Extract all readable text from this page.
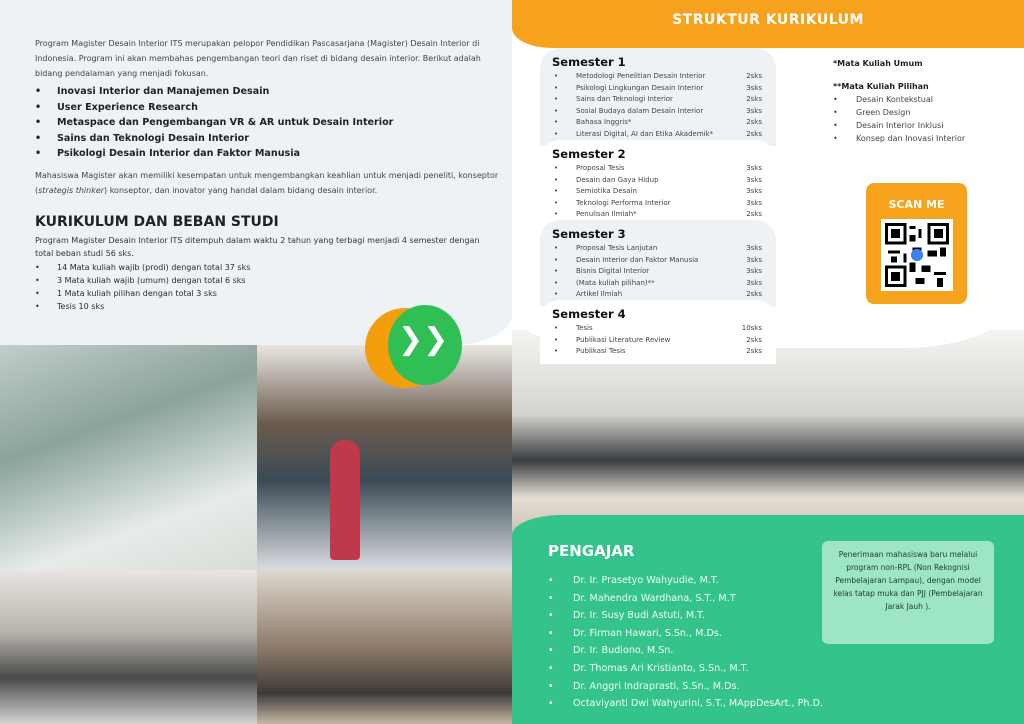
Program Magister Desain Interior ITS merupakan pelopor Pendidikan Pascasarjana (Magister) Desain Interior di Indonesia. Program ini akan membahas pengembangan teori dan riset di bidang desain interior. Berikut adalah bidang pendalaman yang menjadi fokusan.

•	Inovasi Interior dan Manajemen Desain
•	User Experience Research
•	Metaspace dan Pengembangan VR & AR untuk Desain Interior
•	Sains dan Teknologi Desain Interior
•	Psikologi Desain Interior dan Faktor Manusia

Mahasiswa Magister akan memiliki kesempatan untuk mengembangkan keahlian untuk menjadi peneliti, konseptor (strategis thinker) konseptor, dan inovator yang handal dalam bidang desain interior.

KURIKULUM DAN BEBAN STUDI

Program Magister Desain Interior ITS ditempuh dalam waktu 2 tahun yang terbagi menjadi 4 semester dengan total beban studi 56 sks.

•	14 Mata kuliah wajib (prodi) dengan total 37 sks
•	3 Mata kuliah wajib (umum) dengan total 6 sks
•	1 Mata kuliah pilihan dengan total 3 sks
•	Tesis 10 sks
❯❯
STRUKTUR KURIKULUM
Semester 1
•	Metodologi Penelitian Desain Interior	2sks
•	Psikologi Lingkungan Desain Interior	3sks
•	Sains dan Teknologi Interior	2sks
•	Sosial Budaya dalam Desain Interior	3sks
•	Bahasa Inggris*	2sks
•	Literasi Digital, AI dan Etika Akademik*	2sks
Semester 2
•	Proposal Tesis	3sks
•	Desain dan Gaya Hidup	3sks
•	Semiotika Desain	3sks
•	Teknologi Performa Interior	3sks
•	Penulisan Ilmiah*	2sks
Semester 3
•	Proposal Tesis Lanjutan	3sks
•	Desain Interior dan Faktor Manusia	3sks
•	Bisnis Digital Interior	3sks
•	(Mata kuliah pilihan)**	3sks
•	Artikel Ilmiah	2sks
Semester 4
•	Tesis	10sks
•	Publikasi Literature Review	2sks
•	Publikasi Tesis	2sks
*Mata Kuliah Umum
**Mata Kuliah Pilihan
•	Desain Kontekstual
•	Green Design
•	Desain Interior Inklusi
•	Konsep dan Inovasi Interior
SCAN ME
PENGAJAR
•	Dr. Ir. Prasetyo Wahyudie, M.T.
•	Dr. Mahendra Wardhana, S.T., M.T
•	Dr. Ir. Susy Budi Astuti, M.T.
•	Dr. Firman Hawari, S.Sn., M.Ds.
•	Dr. Ir. Budiono, M.Sn.
•	Dr. Thomas Ari Kristianto, S.Sn., M.T.
•	Dr. Anggri Indraprasti, S.Sn., M.Ds.
•	Octaviyanti Dwi Wahyurini, S.T., MAppDesArt., Ph.D.
Penerimaan mahasiswa baru melalui program non-RPL (Non Rekognisi Pembelajaran Lampau), dengan model kelas tatap muka dan PJJ (Pembelajaran Jarak Jauh ).
